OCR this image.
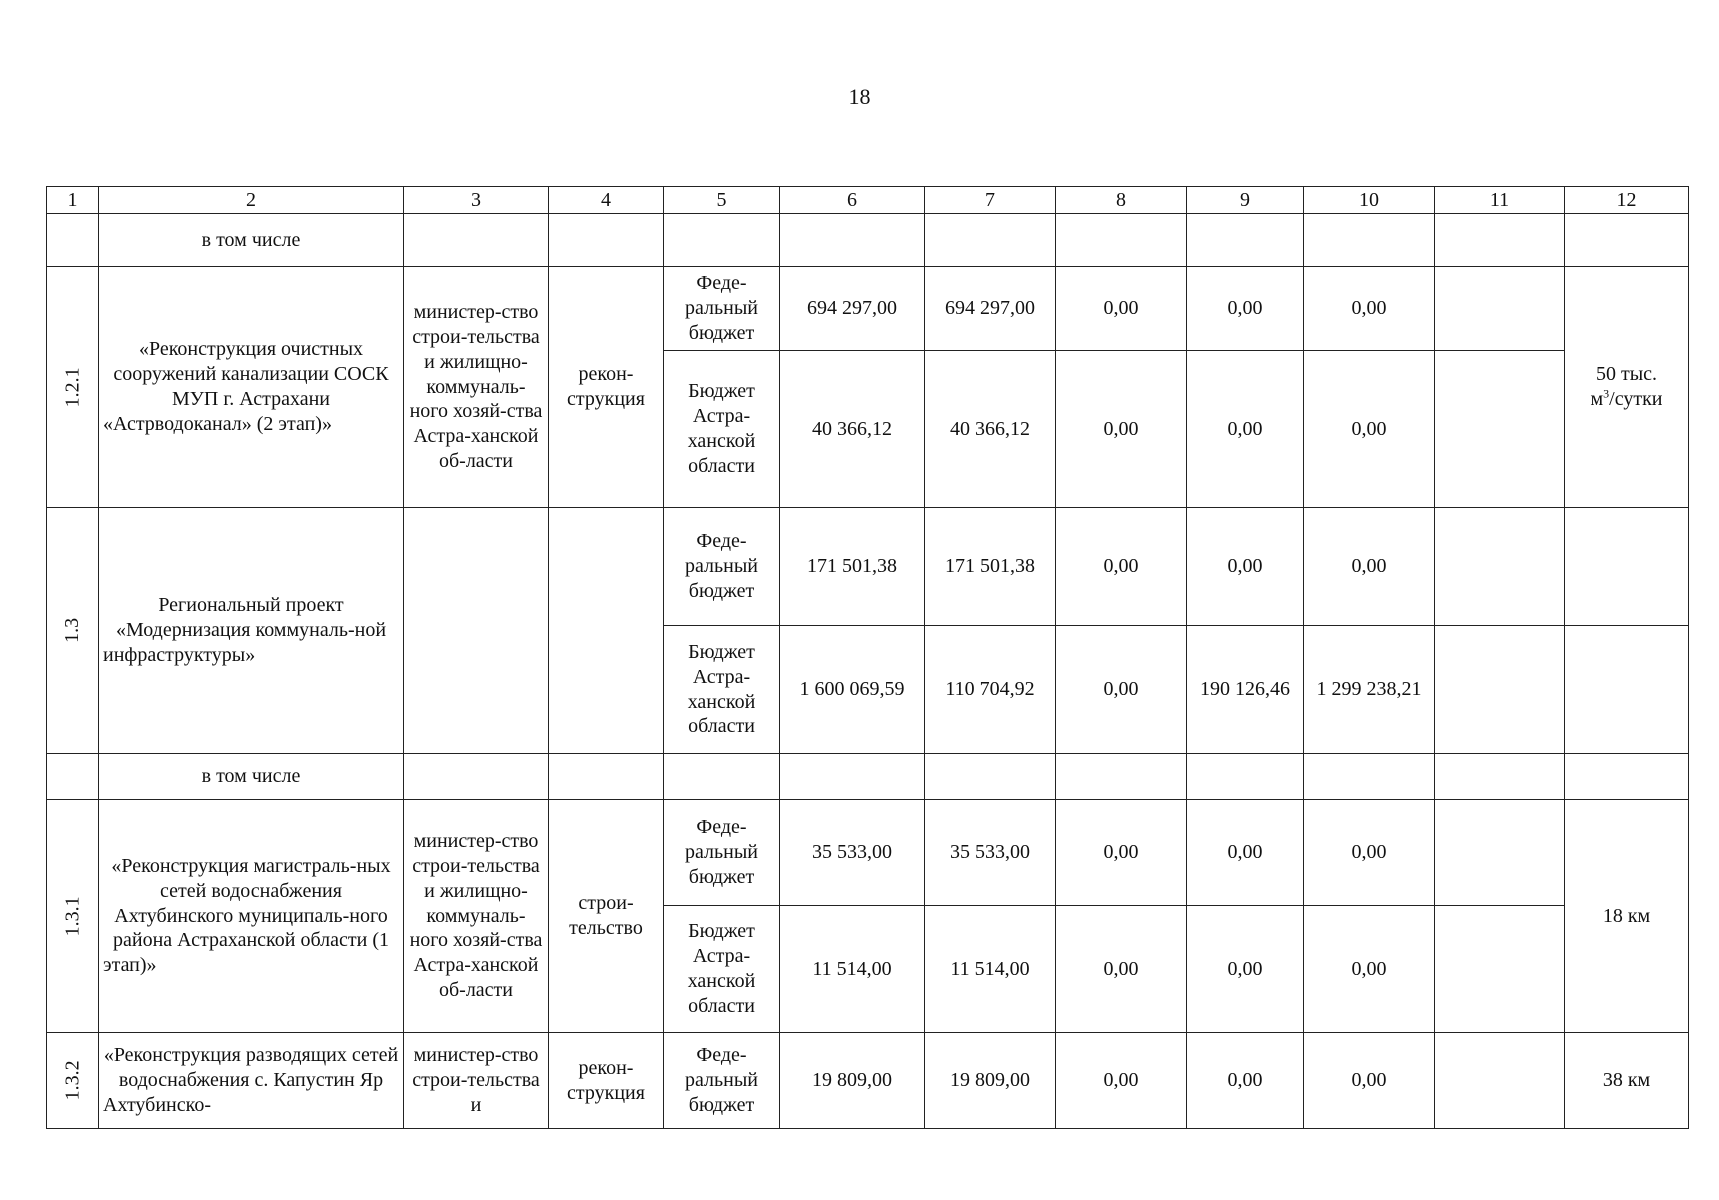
18
1	2	3	4	5	6	7	8	9	10	11	12
	в том числе										
1.2.1	«Реконструкция очистных сооружений канализации СОСК МУП г. Астрахани «Астрводоканал» (2 этап)»	министер-ство строи-тельства и жилищно-коммуналь-ного хозяй-ства Астра-ханской об-ласти	рекон-струкция	Феде-ральный бюджет	694 297,00	694 297,00	0,00	0,00	0,00		50 тыс.
$м^3$/сутки
				Бюджет Астра-ханской области	40 366,12	40 366,12	0,00	0,00	0,00		
1.3	Региональный проект «Модернизация коммуналь-ной инфраструктуры»			Феде-ральный бюджет	171 501,38	171 501,38	0,00	0,00	0,00		
				Бюджет Астра-ханской области	1 600 069,59	110 704,92	0,00	190 126,46	1 299 238,21		
	в том числе										
1.3.1	«Реконструкция магистраль-ных сетей водоснабжения Ахтубинского муниципаль-ного района Астраханской области (1 этап)»	министер-ство строи-тельства и жилищно-коммуналь-ного хозяй-ства Астра-ханской об-ласти	строи-тельство	Феде-ральный бюджет	35 533,00	35 533,00	0,00	0,00	0,00		18 км
				Бюджет Астра-ханской области	11 514,00	11 514,00	0,00	0,00	0,00		
1.3.2	«Реконструкция разводящих сетей водоснабжения с. Капустин Яр Ахтубинско-	министер-ство строи-тельства и	рекон-струкция	Феде-ральный бюджет	19 809,00	19 809,00	0,00	0,00	0,00		38 км
